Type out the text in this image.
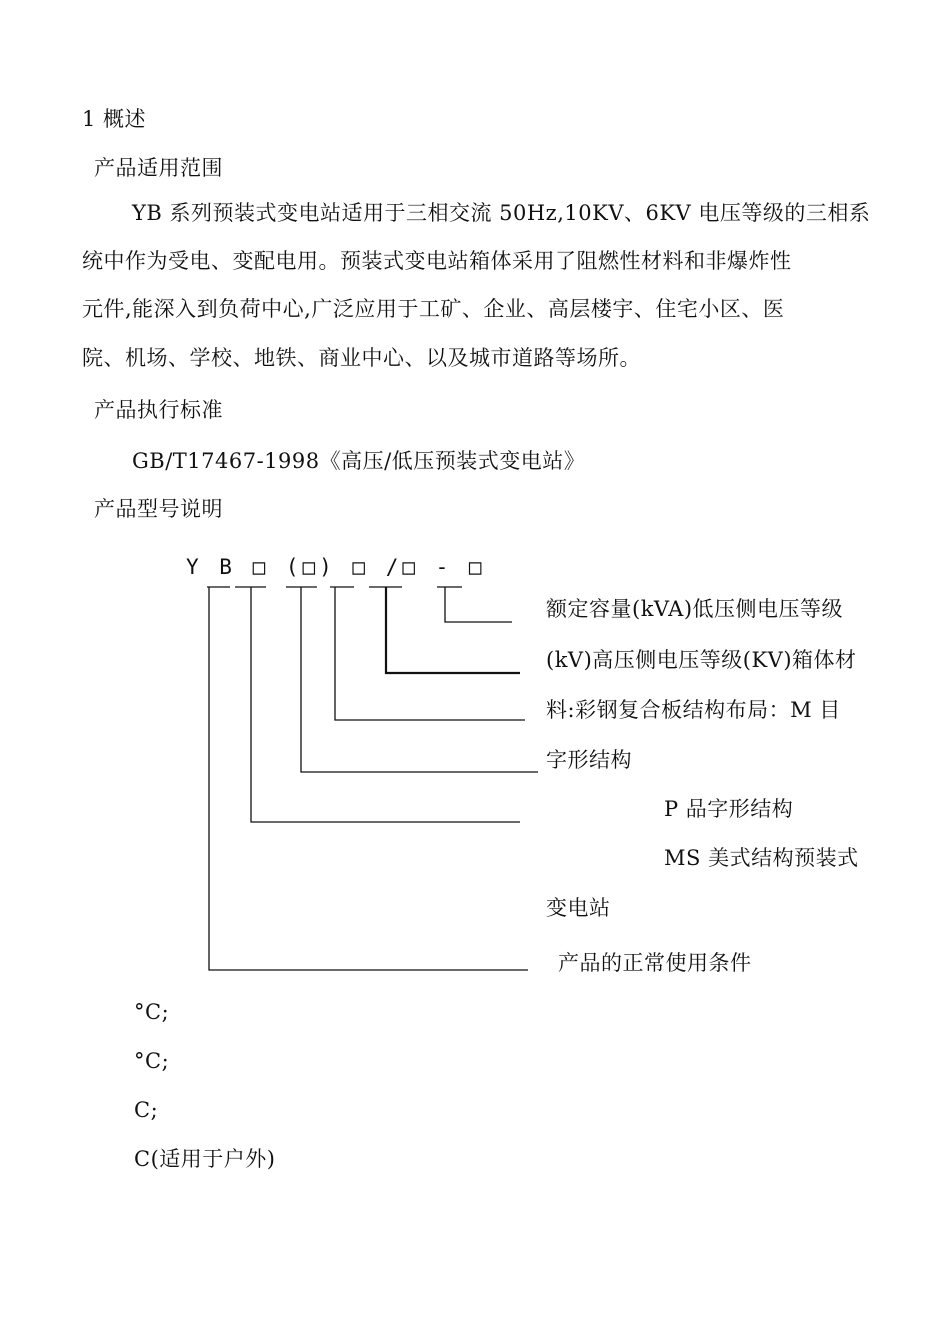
1 概述
产品适用范围
YB 系列预装式变电站适用于三相交流 50Hz,10KV、6KV 电压等级的三相系
统中作为受电、变配电用。预装式变电站箱体采用了阻燃性材料和非爆炸性
元件,能深入到负荷中心,广泛应用于工矿、企业、高层楼宇、住宅小区、医
院、机场、学校、地铁、商业中心、以及城市道路等场所。
产品执行标准
GB/T17467-1998《高压/低压预装式变电站》
产品型号说明
Y B □ (□) □ /□ - □
额定容量(kVA)低压侧电压等级
(kV)高压侧电压等级(KV)箱体材
料:彩钢复合板结构布局：M 目
字形结构
P 品字形结构
MS 美式结构预装式
变电站
产品的正常使用条件
°C;
°C;
C;
C(适用于户外)
